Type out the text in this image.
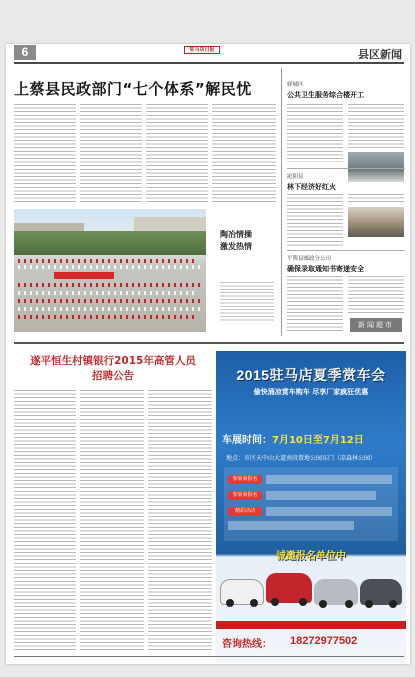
6	驻马店日报	县区新闻
上蔡县民政部门“七个体系”解民忧
陶冶情操
激发热情
驿城区
公共卫生服务综合楼开工
泌阳县
林下经济好红火
平舆县邮政分公司
确保录取通知书寄递安全
新闻超市
遂平恒生村镇银行2015年高管人员
招聘公告	2015驻马店夏季赏车会
偷快涌凉赏车购车 尽享厂家疯狂优惠
车展时间：7月10日至7月12日
地点：市区天中山大道南段置地公园东门（凉森林公园）
参展商报名
参展商报名
精彩活动
诚邀报名单位中
咨询热线： 18272977502
